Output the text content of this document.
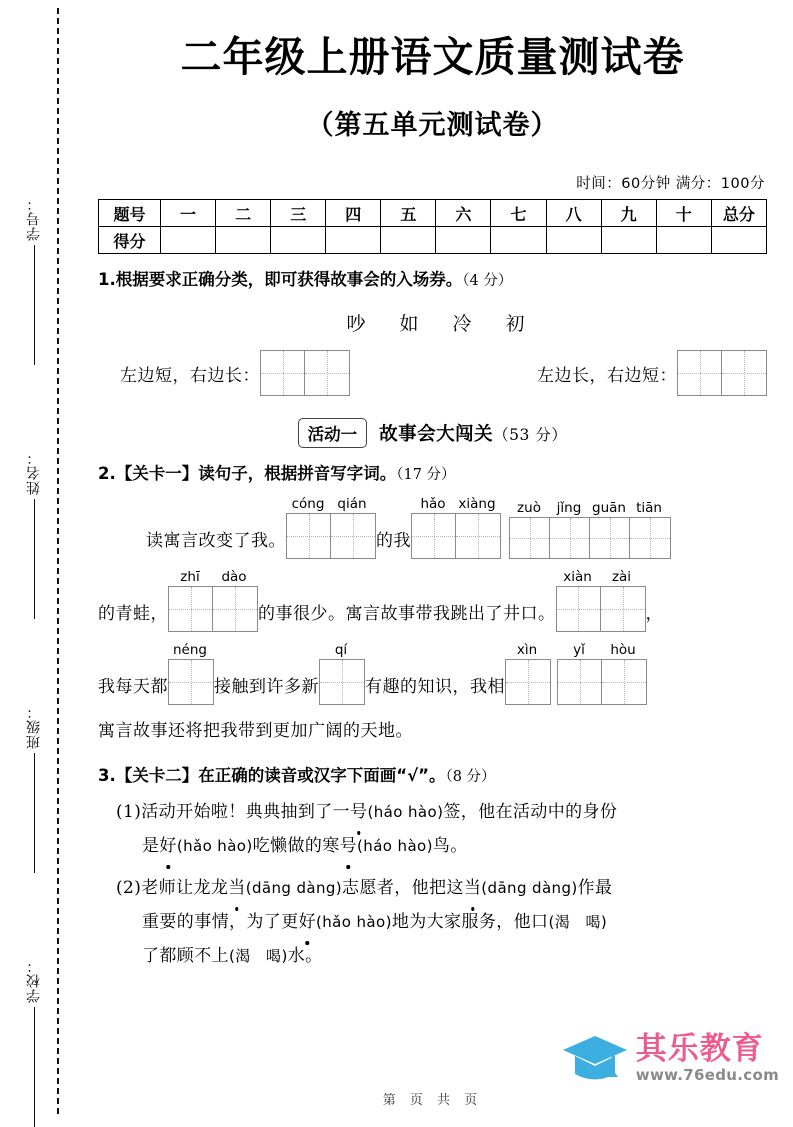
学号：
姓名：
班级：
学校：
二年级上册语文质量测试卷
（第五单元测试卷）
时间：60分钟 满分：100分
题号	一	二	三	四	五	六	七	八	九	十	总分
得分											
1.根据要求正确分类，即可获得故事会的入场券。（4 分）
吵如冷初
左边短，右边长：	左边长，右边短：
活动一	故事会大闯关（53 分）
2.【关卡一】读句子，根据拼音写字词。（17 分）
读寓言改变了我。
cóng qián
的我
hǎo xiàng	zuò	jǐng guān tiān
的青蛙，
zhī	dào
的事很少。寓言故事带我跳出了井口。
xiàn	zài
，
我每天都
néng
接触到许多新
qí
有趣的知识，我相
xìn	yǐ	hòu
寓言故事还将把我带到更加广阔的天地。
3.【关卡二】在正确的读音或汉字下面画“√”。（8 分）
(1)活动开始啦！典典抽到了一号(háo hào)签，他在活动中的身份
是好(hǎo hào)吃懒做的寒号(háo hào)鸟。
(2)老师让龙龙当(dāng dàng)志愿者，他把这当(dāng dàng)作最
重要的事情，为了更好(hǎo hào)地为大家服务，他口(渴　喝)
了都顾不上(渴　喝)水。
其乐教育
www.76edu.com
第 页 共 页
